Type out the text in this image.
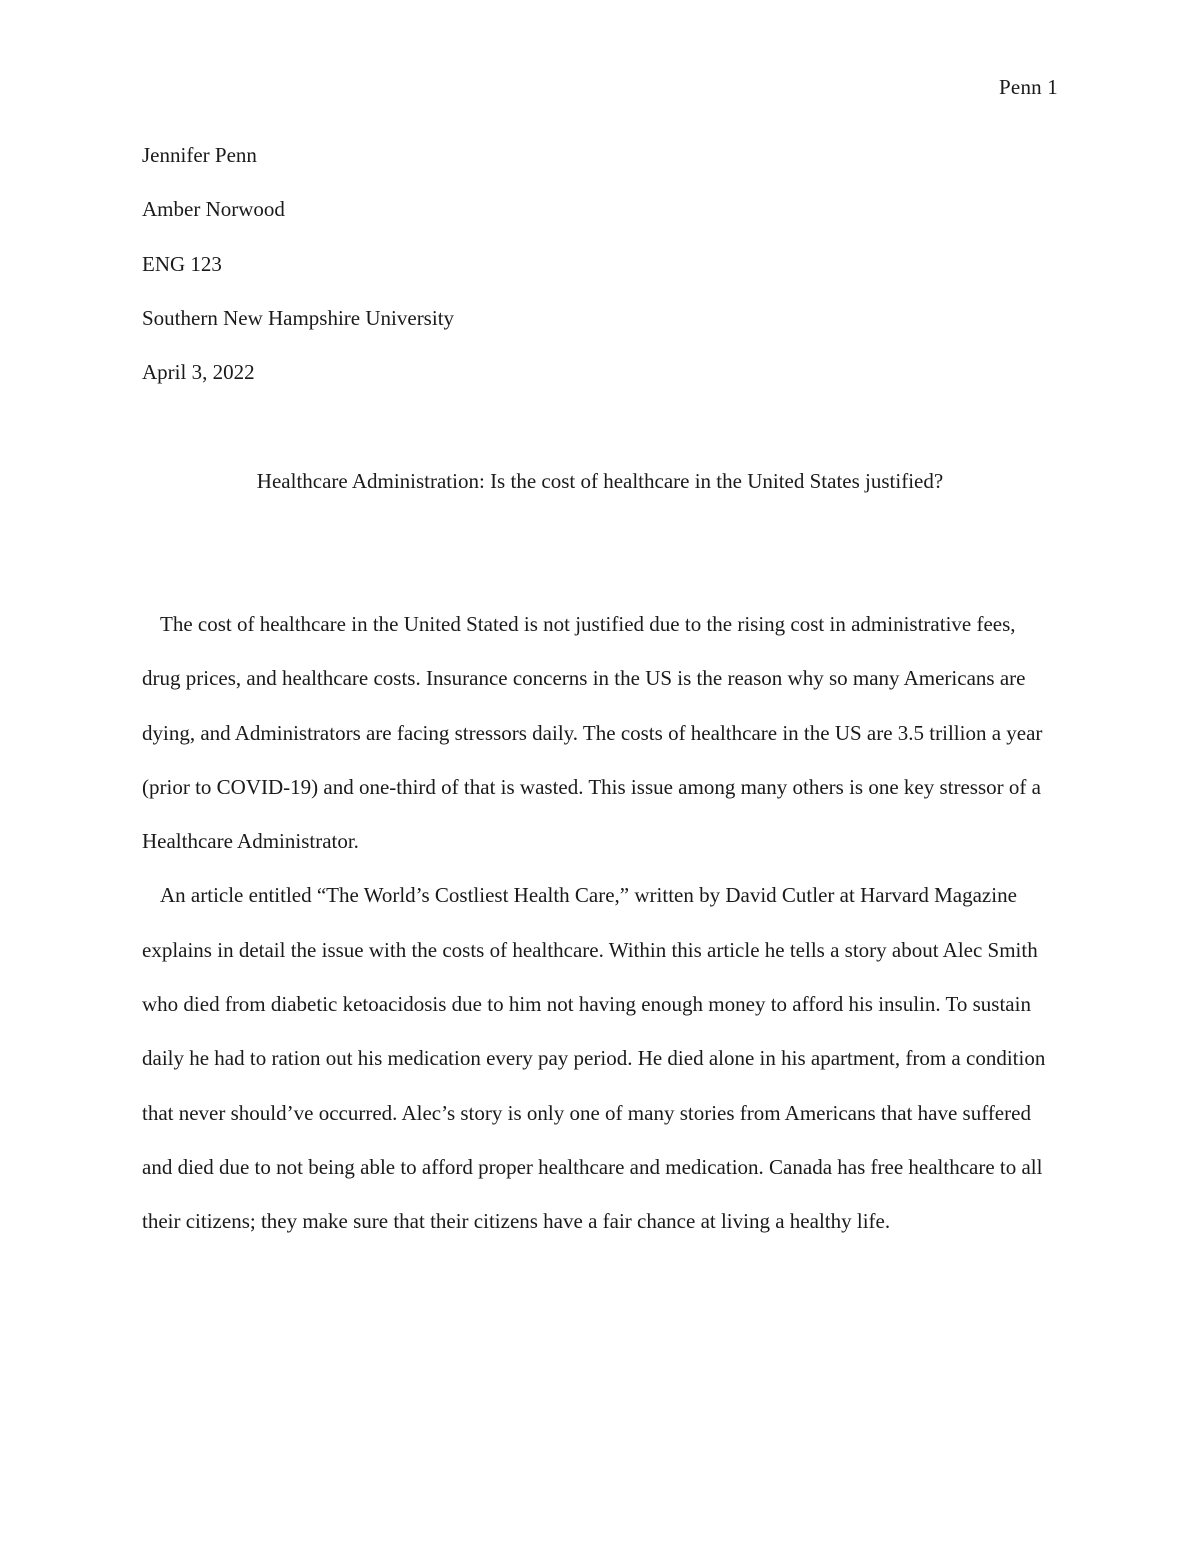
Penn 1
Jennifer Penn
Amber Norwood
ENG 123
Southern New Hampshire University
April 3, 2022
Healthcare Administration: Is the cost of healthcare in the United States justified?

The cost of healthcare in the United Stated is not justified due to the rising cost in administrative fees, drug prices, and healthcare costs. Insurance concerns in the US is the reason why so many Americans are dying, and Administrators are facing stressors daily. The costs of healthcare in the US are 3.5 trillion a year (prior to COVID-19) and one-third of that is wasted. This issue among many others is one key stressor of a Healthcare Administrator.

An article entitled “The World’s Costliest Health Care,” written by David Cutler at Harvard Magazine explains in detail the issue with the costs of healthcare. Within this article he tells a story about Alec Smith who died from diabetic ketoacidosis due to him not having enough money to afford his insulin. To sustain daily he had to ration out his medication every pay period. He died alone in his apartment, from a condition that never should’ve occurred. Alec’s story is only one of many stories from Americans that have suffered and died due to not being able to afford proper healthcare and medication. Canada has free healthcare to all their citizens; they make sure that their citizens have a fair chance at living a healthy life.
